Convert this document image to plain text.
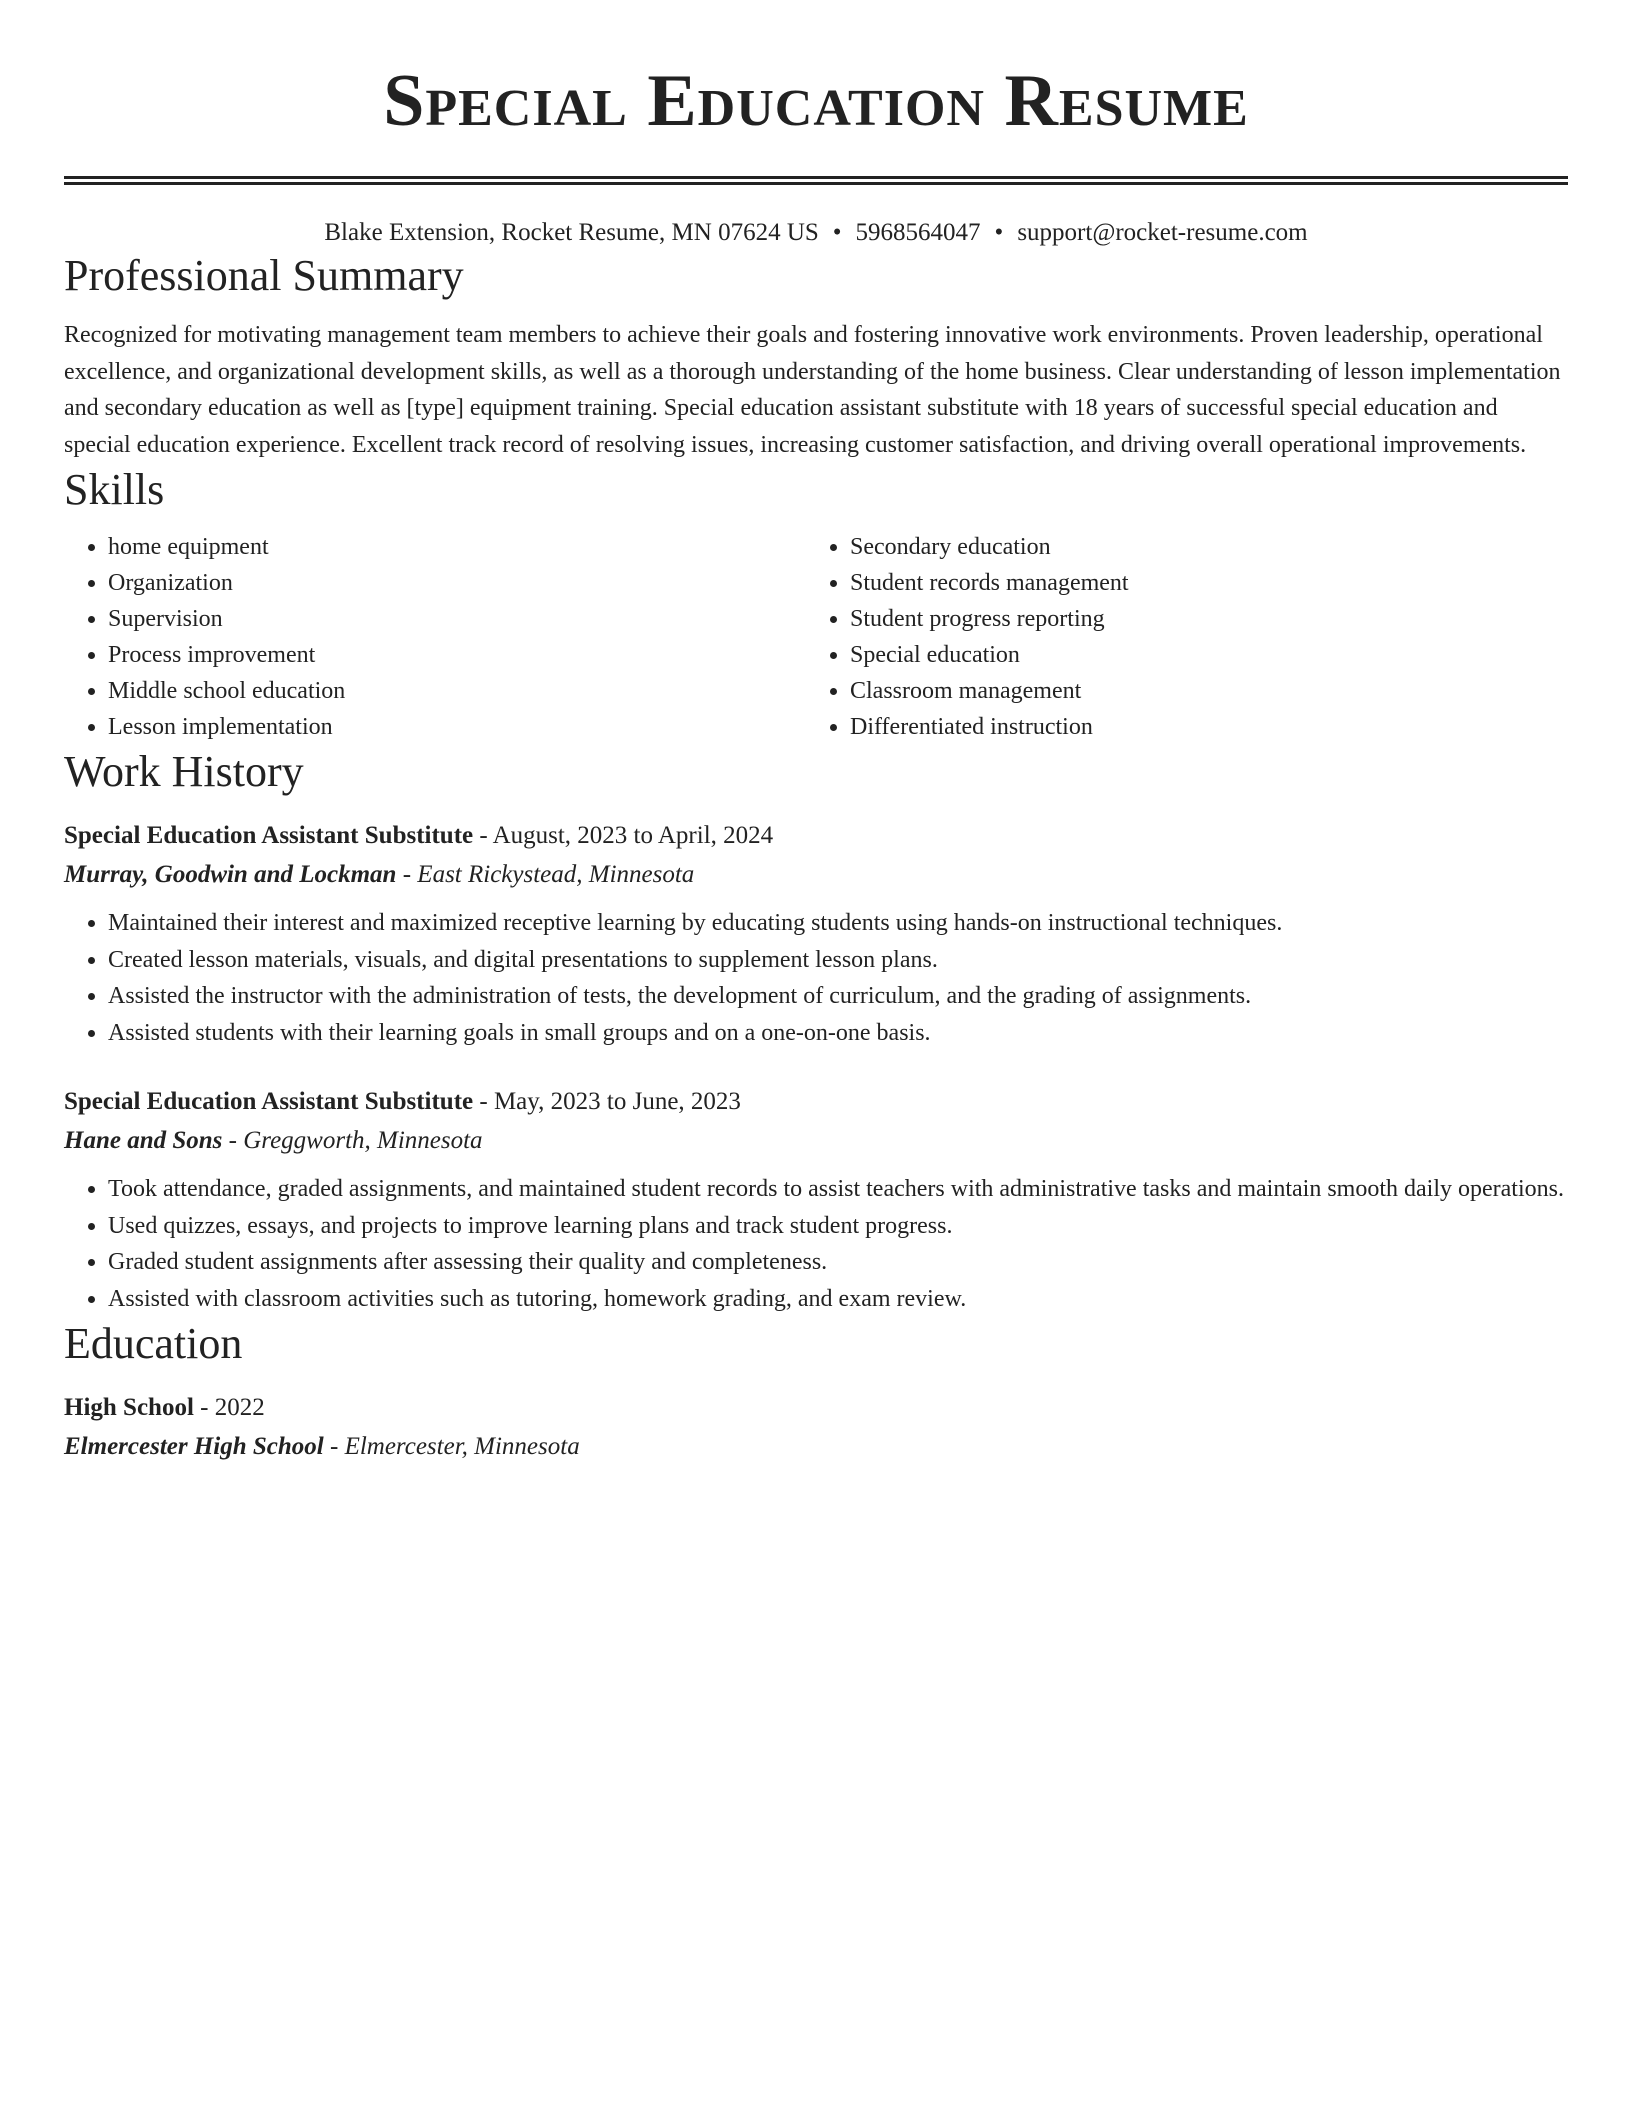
Special Education Resume
Blake Extension, Rocket Resume, MN 07624 US • 5968564047 • support@rocket-resume.com
Professional Summary

Recognized for motivating management team members to achieve their goals and fostering innovative work environments. Proven leadership, operational excellence, and organizational development skills, as well as a thorough understanding of the home business. Clear understanding of lesson implementation and secondary education as well as [type] equipment training. Special education assistant substitute with 18 years of successful special education and special education experience. Excellent track record of resolving issues, increasing customer satisfaction, and driving overall operational improvements.

Skills
• home equipment
• Organization
• Supervision
• Process improvement
• Middle school education
• Lesson implementation
• Secondary education
• Student records management
• Student progress reporting
• Special education
• Classroom management
• Differentiated instruction
Work History
Special Education Assistant Substitute - August, 2023 to April, 2024
Murray, Goodwin and Lockman - East Rickystead, Minnesota
• Maintained their interest and maximized receptive learning by educating students using hands-on instructional techniques.
• Created lesson materials, visuals, and digital presentations to supplement lesson plans.
• Assisted the instructor with the administration of tests, the development of curriculum, and the grading of assignments.
• Assisted students with their learning goals in small groups and on a one-on-one basis.
Special Education Assistant Substitute - May, 2023 to June, 2023
Hane and Sons - Greggworth, Minnesota
• Took attendance, graded assignments, and maintained student records to assist teachers with administrative tasks and maintain smooth daily operations.
• Used quizzes, essays, and projects to improve learning plans and track student progress.
• Graded student assignments after assessing their quality and completeness.
• Assisted with classroom activities such as tutoring, homework grading, and exam review.
Education
High School - 2022
Elmercester High School - Elmercester, Minnesota
